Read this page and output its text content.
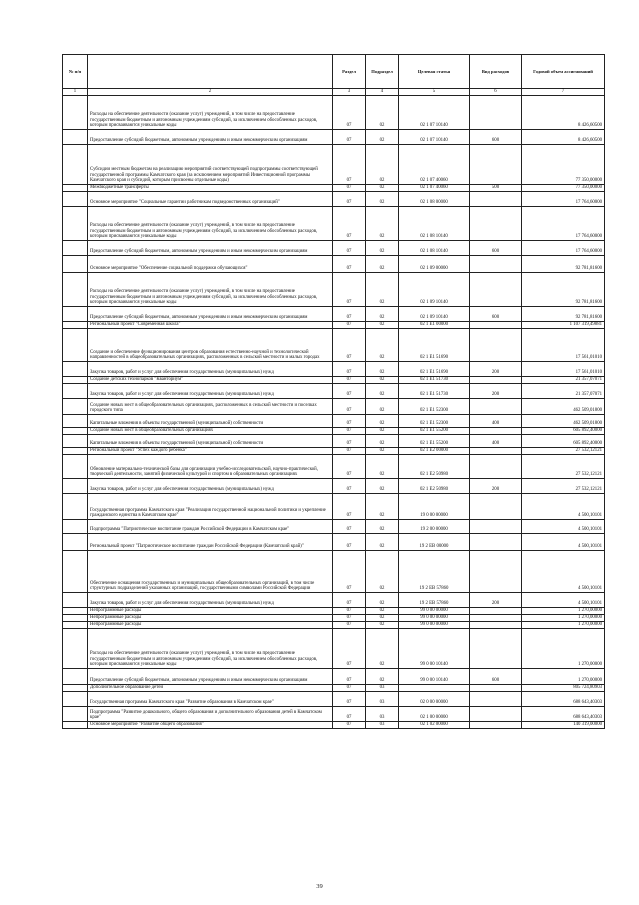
№ п/п		Раздел	Подраздел	Целевая статья	Вид расходов	Годовой объем ассигнований
1	2	3	4	5	6	7
	Расходы на обеспечение деятельности (оказание услуг) учреждений, в том числе на предоставление государственным бюджетным и автономным учреждениям субсидий, за исключением обособленных расходов, которым присваиваются уникальные коды	07	02	02 1 07 10140		8 426,60500
	Предоставление субсидий бюджетным, автономным учреждениям и иным некоммерческим организациям	07	02	02 1 07 10140	600	8 426,60500
	Субсидии местным бюджетам на реализацию мероприятий соответствующей подпрограммы соответствующей государственной программы Камчатского края (за исключением мероприятий Инвестиционной программы Камчатского края и субсидий, которым присвоены отдельные коды)	07	02	02 1 07 40060		77 350,00000
	Межбюджетные трансферты	07	02	02 1 07 40060	500	77 350,00000
	Основное мероприятие "Социальные гарантии работникам подведомственных организаций"	07	02	02 1 08 00000		17 764,60000
	Расходы на обеспечение деятельности (оказание услуг) учреждений, в том числе на предоставление государственным бюджетным и автономным учреждениям субсидий, за исключением обособленных расходов, которым присваиваются уникальные коды	07	02	02 1 08 10140		17 764,60000
	Предоставление субсидий бюджетным, автономным учреждениям и иным некоммерческим организациям	07	02	02 1 08 10140	600	17 764,60000
	Основное мероприятие "Обеспечение социальной поддержки обучающихся"	07	02	02 1 09 00000		92 781,81600
	Расходы на обеспечение деятельности (оказание услуг) учреждений, в том числе на предоставление государственным бюджетным и автономным учреждениям субсидий, за исключением обособленных расходов, которым присваиваются уникальные коды	07	02	02 1 09 10140		92 781,81600
	Предоставление субсидий бюджетным, автономным учреждениям и иным некоммерческим организациям	07	02	02 1 09 10140	600	92 781,81600
	Региональный проект "Современная школа"	07	02	02 1 E1 00000		1 107 319,49881
	Создание и обеспечение функционирования центров образования естественно-научной и технологической направленностей в общеобразовательных организациях, расположенных в сельской местности и малых городах	07	02	02 1 E1 51690		17 561,01010
	Закупка товаров, работ и услуг для обеспечения государственных (муниципальных) нужд	07	02	02 1 E1 51690	200	17 561,01010
	Создание детских технопарков "Кванториум"	07	02	02 1 E1 51730		21 357,07071
	Закупка товаров, работ и услуг для обеспечения государственных (муниципальных) нужд	07	02	02 1 E1 51730	200	21 357,07071
	Создание новых мест в общеобразовательных организациях, расположенных в сельской местности и поселках городского типа	07	02	02 1 E1 52300		462 509,01800
	Капитальные вложения в объекты государственной (муниципальной) собственности	07	02	02 1 E1 52300	400	462 509,01800
	Создание новых мест в общеобразовательных организациях	07	02	02 1 E1 55200		605 892,40000
	Капитальные вложения в объекты государственной (муниципальной) собственности	07	02	02 1 E1 55200	400	605 892,40000
	Региональный проект "Успех каждого ребенка"	07	02	02 1 E2 00000		27 532,12121
	Обновление материально-технической базы для организации учебно-исследовательской, научно-практической, творческой деятельности, занятий физической культурой и спортом в образовательных организациях	07	02	02 1 E2 50980		27 532,12121
	Закупка товаров, работ и услуг для обеспечения государственных (муниципальных) нужд	07	02	02 1 E2 50980	200	27 532,12121
	Государственная программа Камчатского края "Реализация государственной национальной политики и укрепление гражданского единства в Камчатском крае"	07	02	19 0 00 00000		4 500,10101
	Подпрограмма "Патриотическое воспитание граждан Российской Федерации в Камчатском крае"	07	02	19 2 00 00000		4 500,10101
	Региональный проект "Патриотическое воспитание граждан Российской Федерации (Камчатский край)"	07	02	19 2 EB 00000		4 500,10101
	Обеспечение оснащения государственных и муниципальных общеобразовательных организаций, в том числе структурных подразделений указанных организаций, государственными символами Российской Федерации	07	02	19 2 EB 57860		4 500,10101
	Закупка товаров, работ и услуг для обеспечения государственных (муниципальных) нужд	07	02	19 2 EB 57860	200	4 500,10101
	Непрограммные расходы	07	02	99 0 00 00000		1 270,00000
	Непрограммные расходы	07	02	99 0 00 00000		1 270,00000
	Непрограммные расходы	07	02	99 0 00 00000		1 270,00000
	Расходы на обеспечение деятельности (оказание услуг) учреждений, в том числе на предоставление государственным бюджетным и автономным учреждениям субсидий, за исключением обособленных расходов, которым присваиваются уникальные коды	07	02	99 0 00 10140		1 270,00000
	Предоставление субсидий бюджетным, автономным учреждениям и иным некоммерческим организациям	07	02	99 0 00 10140	600	1 270,00000
	Дополнительное образование детей	07	03			805 724,80903
	Государственная программа Камчатского края "Развитие образования в Камчатском крае"	07	03	02 0 00 00000		688 643,40303
	Подпрограмма "Развитие дошкольного, общего образования и дополнительного образования детей в Камчатском крае"	07	03	02 1 00 00000		688 643,40303
	Основное мероприятие "Развитие общего образования"	07	03	02 1 02 00000		140 319,00000
39
